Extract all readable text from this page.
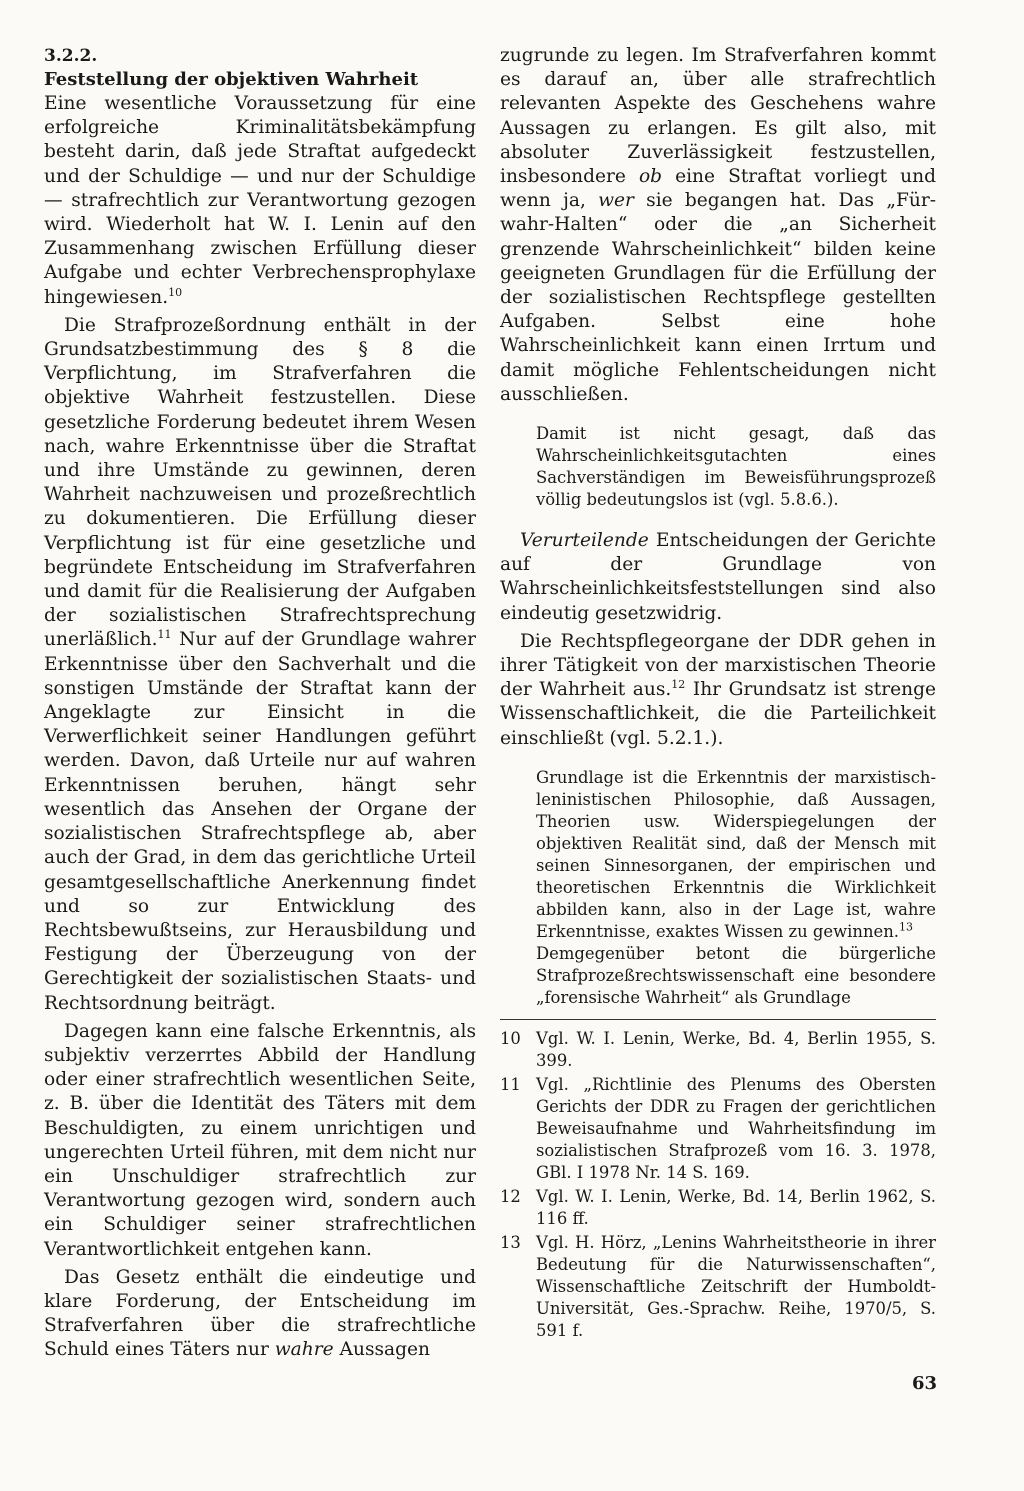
3.2.2.

Feststellung der objektiven Wahrheit

Eine wesentliche Voraussetzung für eine erfolgreiche Kriminalitätsbekämpfung besteht darin, daß jede Straftat aufgedeckt und der Schuldige — und nur der Schuldige — strafrechtlich zur Verantwortung gezogen wird. Wiederholt hat W. I. Lenin auf den Zusammenhang zwischen Erfüllung dieser Aufgabe und echter Verbrechensprophylaxe hingewiesen.$^{10}$

Die Strafprozeßordnung enthält in der Grundsatzbestimmung des § 8 die Verpflichtung, im Strafverfahren die objektive Wahrheit festzustellen. Diese gesetzliche Forderung bedeutet ihrem Wesen nach, wahre Erkenntnisse über die Straftat und ihre Umstände zu gewinnen, deren Wahrheit nachzuweisen und prozeßrechtlich zu dokumentieren. Die Erfüllung dieser Verpflichtung ist für eine gesetzliche und begründete Entscheidung im Strafverfahren und damit für die Realisierung der Aufgaben der sozialistischen Strafrechtsprechung unerläßlich.$^{11}$ Nur auf der Grundlage wahrer Erkenntnisse über den Sachverhalt und die sonstigen Umstände der Straftat kann der Angeklagte zur Einsicht in die Verwerflichkeit seiner Handlungen geführt werden. Davon, daß Urteile nur auf wahren Erkenntnissen beruhen, hängt sehr wesentlich das Ansehen der Organe der sozialistischen Strafrechtspflege ab, aber auch der Grad, in dem das gerichtliche Urteil gesamtgesellschaftliche Anerkennung findet und so zur Entwicklung des Rechtsbewußtseins, zur Herausbildung und Festigung der Überzeugung von der Gerechtigkeit der sozialistischen Staats- und Rechtsordnung beiträgt.

Dagegen kann eine falsche Erkenntnis, als subjektiv verzerrtes Abbild der Handlung oder einer strafrechtlich wesentlichen Seite, z. B. über die Identität des Täters mit dem Beschuldigten, zu einem unrichtigen und ungerechten Urteil führen, mit dem nicht nur ein Unschuldiger strafrechtlich zur Verantwortung gezogen wird, sondern auch ein Schuldiger seiner strafrechtlichen Verantwortlichkeit entgehen kann.

Das Gesetz enthält die eindeutige und klare Forderung, der Entscheidung im Strafverfahren über die strafrechtliche Schuld eines Täters nur wahre Aussagen

zugrunde zu legen. Im Strafverfahren kommt es darauf an, über alle strafrechtlich relevanten Aspekte des Geschehens wahre Aussagen zu erlangen. Es gilt also, mit absoluter Zuverlässigkeit festzustellen, insbesondere ob eine Straftat vorliegt und wenn ja, wer sie begangen hat. Das „Für-wahr-Halten“ oder die „an Sicherheit grenzende Wahrscheinlichkeit“ bilden keine geeigneten Grundlagen für die Erfüllung der der sozialistischen Rechtspflege gestellten Aufgaben. Selbst eine hohe Wahrscheinlichkeit kann einen Irrtum und damit mögliche Fehlentscheidungen nicht ausschließen.

Damit ist nicht gesagt, daß das Wahrscheinlichkeitsgutachten eines Sachverständigen im Beweisführungsprozeß völlig bedeutungslos ist (vgl. 5.8.6.).

Verurteilende Entscheidungen der Gerichte auf der Grundlage von Wahrscheinlichkeitsfeststellungen sind also eindeutig gesetzwidrig.

Die Rechtspflegeorgane der DDR gehen in ihrer Tätigkeit von der marxistischen Theorie der Wahrheit aus.$^{12}$ Ihr Grundsatz ist strenge Wissenschaftlichkeit, die die Parteilichkeit einschließt (vgl. 5.2.1.).

Grundlage ist die Erkenntnis der marxistisch-leninistischen Philosophie, daß Aussagen, Theorien usw. Widerspiegelungen der objektiven Realität sind, daß der Mensch mit seinen Sinnesorganen, der empirischen und theoretischen Erkenntnis die Wirklichkeit abbilden kann, also in der Lage ist, wahre Erkenntnisse, exaktes Wissen zu gewinnen.$^{13}$

Demgegenüber betont die bürgerliche Strafprozeßrechtswissenschaft eine besondere „forensische Wahrheit“ als Grundlage

10 Vgl. W. I. Lenin, Werke, Bd. 4, Berlin 1955, S. 399.
11 Vgl. „Richtlinie des Plenums des Obersten Gerichts der DDR zu Fragen der gerichtlichen Beweisaufnahme und Wahrheitsfindung im sozialistischen Strafprozeß vom 16. 3. 1978, GBl. I 1978 Nr. 14 S. 169.
12 Vgl. W. I. Lenin, Werke, Bd. 14, Berlin 1962, S. 116 ff.
13 Vgl. H. Hörz, „Lenins Wahrheitstheorie in ihrer Bedeutung für die Naturwissenschaften“, Wissenschaftliche Zeitschrift der Humboldt-Universität, Ges.-Sprachw. Reihe, 1970/5, S. 591 f.
63
